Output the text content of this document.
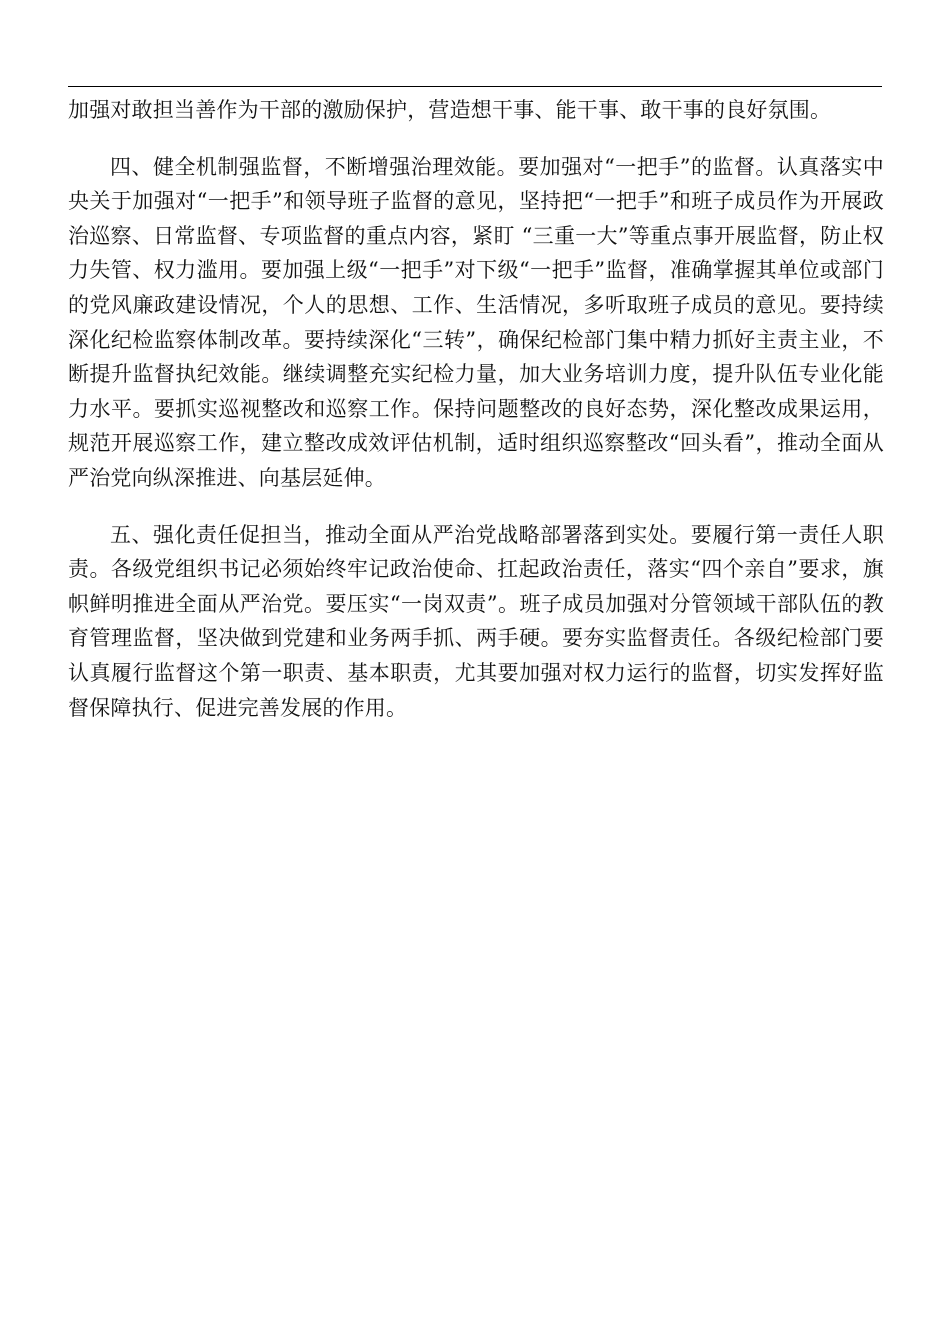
加强对敢担当善作为干部的激励保护，营造想干事、能干事、敢干事的良好氛围。

四、健全机制强监督，不断增强治理效能。要加强对“一把手”的监督。认真落实中央关于加强对“一把手”和领导班子监督的意见，坚持把“一把手”和班子成员作为开展政治巡察、日常监督、专项监督的重点内容，紧盯 “三重一大”等重点事开展监督，防止权力失管、权力滥用。要加强上级“一把手”对下级“一把手”监督，准确掌握其单位或部门的党风廉政建设情况，个人的思想、工作、生活情况，多听取班子成员的意见。要持续深化纪检监察体制改革。要持续深化“三转”，确保纪检部门集中精力抓好主责主业，不断提升监督执纪效能。继续调整充实纪检力量，加大业务培训力度，提升队伍专业化能力水平。要抓实巡视整改和巡察工作。保持问题整改的良好态势，深化整改成果运用，规范开展巡察工作，建立整改成效评估机制，适时组织巡察整改“回头看”，推动全面从严治党向纵深推进、向基层延伸。

五、强化责任促担当，推动全面从严治党战略部署落到实处。要履行第一责任人职责。各级党组织书记必须始终牢记政治使命、扛起政治责任，落实“四个亲自”要求，旗帜鲜明推进全面从严治党。要压实“一岗双责”。班子成员加强对分管领域干部队伍的教育管理监督，坚决做到党建和业务两手抓、两手硬。要夯实监督责任。各级纪检部门要认真履行监督这个第一职责、基本职责，尤其要加强对权力运行的监督，切实发挥好监督保障执行、促进完善发展的作用。
